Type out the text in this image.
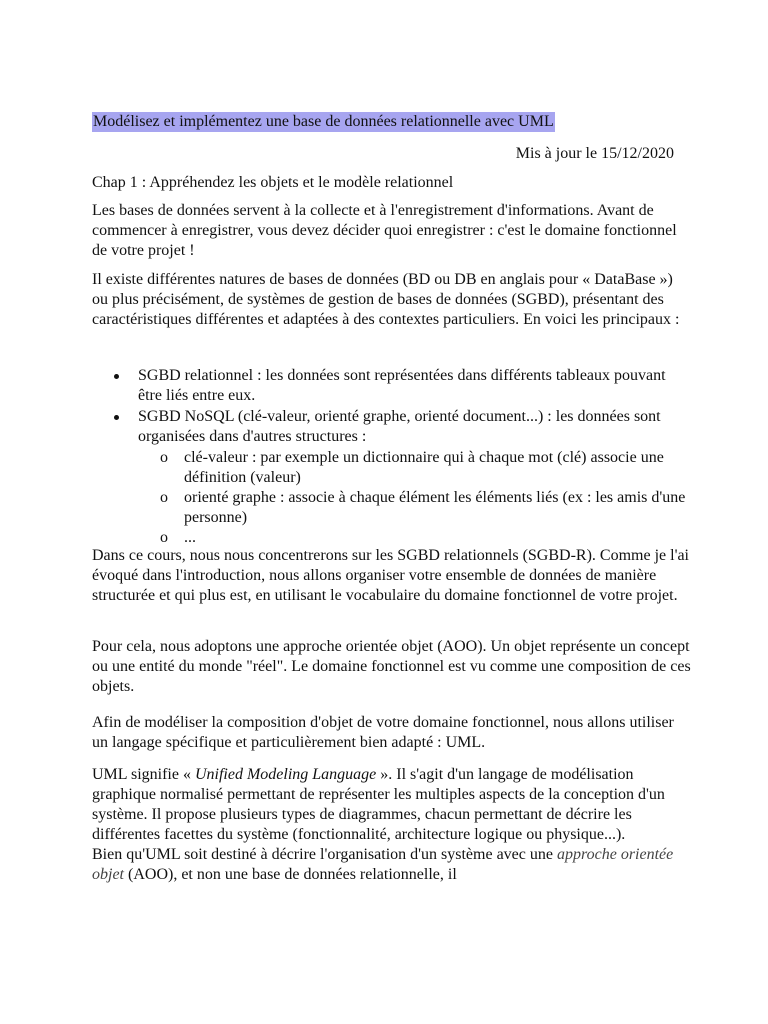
Modélisez et implémentez une base de données relationnelle avec UML
Mis à jour le 15/12/2020
Chap 1 : Appréhendez les objets et le modèle relationnel

Les bases de données servent à la collecte et à l'enregistrement d'informations. Avant de commencer à enregistrer, vous devez décider quoi enregistrer : c'est le domaine fonctionnel de votre projet !

Il existe différentes natures de bases de données (BD ou DB en anglais pour « DataBase ») ou plus précisément, de systèmes de gestion de bases de données (SGBD), présentant des caractéristiques différentes et adaptées à des contextes particuliers. En voici les principaux :

SGBD relationnel : les données sont représentées dans différents tableaux pouvant être liés entre eux.
SGBD NoSQL (clé-valeur, orienté graphe, orienté document...) : les données sont organisées dans d'autres structures :
o clé-valeur : par exemple un dictionnaire qui à chaque mot (clé) associe une définition (valeur)
o orienté graphe : associe à chaque élément les éléments liés (ex : les amis d'une personne)
o ...

Dans ce cours, nous nous concentrerons sur les SGBD relationnels (SGBD-R). Comme je l'ai évoqué dans l'introduction, nous allons organiser votre ensemble de données de manière structurée et qui plus est, en utilisant le vocabulaire du domaine fonctionnel de votre projet.

Pour cela, nous adoptons une approche orientée objet (AOO). Un objet représente un concept ou une entité du monde "réel". Le domaine fonctionnel est vu comme une composition de ces objets.

Afin de modéliser la composition d'objet de votre domaine fonctionnel, nous allons utiliser un langage spécifique et particulièrement bien adapté : UML.

UML signifie « Unified Modeling Language ». Il s'agit d'un langage de modélisation graphique normalisé permettant de représenter les multiples aspects de la conception d'un système. Il propose plusieurs types de diagrammes, chacun permettant de décrire les différentes facettes du système (fonctionnalité, architecture logique ou physique...).
Bien qu'UML soit destiné à décrire l'organisation d'un système avec une approche orientée objet (AOO), et non une base de données relationnelle, il
